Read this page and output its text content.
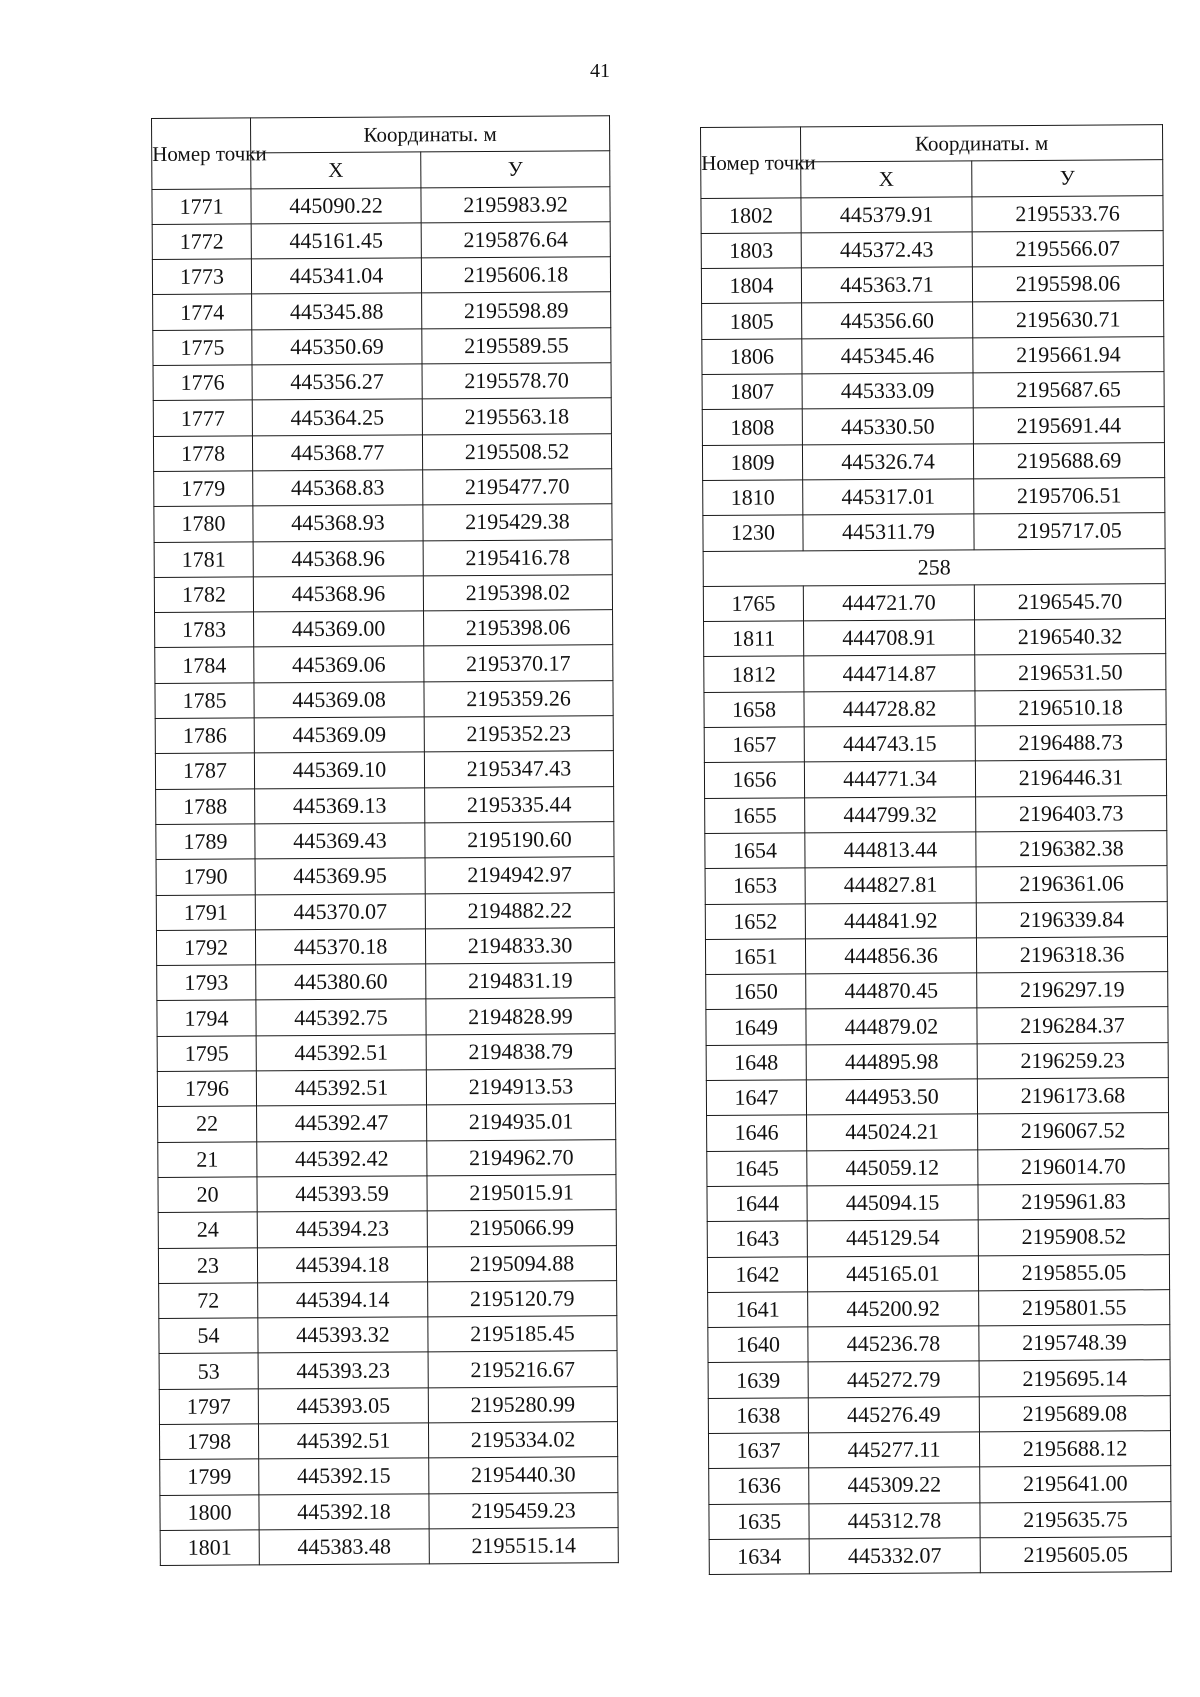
41
Номер точки	Координаты. м	
	X	У
1771	445090.22	2195983.92
1772	445161.45	2195876.64
1773	445341.04	2195606.18
1774	445345.88	2195598.89
1775	445350.69	2195589.55
1776	445356.27	2195578.70
1777	445364.25	2195563.18
1778	445368.77	2195508.52
1779	445368.83	2195477.70
1780	445368.93	2195429.38
1781	445368.96	2195416.78
1782	445368.96	2195398.02
1783	445369.00	2195398.06
1784	445369.06	2195370.17
1785	445369.08	2195359.26
1786	445369.09	2195352.23
1787	445369.10	2195347.43
1788	445369.13	2195335.44
1789	445369.43	2195190.60
1790	445369.95	2194942.97
1791	445370.07	2194882.22
1792	445370.18	2194833.30
1793	445380.60	2194831.19
1794	445392.75	2194828.99
1795	445392.51	2194838.79
1796	445392.51	2194913.53
22	445392.47	2194935.01
21	445392.42	2194962.70
20	445393.59	2195015.91
24	445394.23	2195066.99
23	445394.18	2195094.88
72	445394.14	2195120.79
54	445393.32	2195185.45
53	445393.23	2195216.67
1797	445393.05	2195280.99
1798	445392.51	2195334.02
1799	445392.15	2195440.30
1800	445392.18	2195459.23
1801	445383.48	2195515.14
Номер точки	Координаты. м	
	X	У
1802	445379.91	2195533.76
1803	445372.43	2195566.07
1804	445363.71	2195598.06
1805	445356.60	2195630.71
1806	445345.46	2195661.94
1807	445333.09	2195687.65
1808	445330.50	2195691.44
1809	445326.74	2195688.69
1810	445317.01	2195706.51
1230	445311.79	2195717.05
258		
1765	444721.70	2196545.70
1811	444708.91	2196540.32
1812	444714.87	2196531.50
1658	444728.82	2196510.18
1657	444743.15	2196488.73
1656	444771.34	2196446.31
1655	444799.32	2196403.73
1654	444813.44	2196382.38
1653	444827.81	2196361.06
1652	444841.92	2196339.84
1651	444856.36	2196318.36
1650	444870.45	2196297.19
1649	444879.02	2196284.37
1648	444895.98	2196259.23
1647	444953.50	2196173.68
1646	445024.21	2196067.52
1645	445059.12	2196014.70
1644	445094.15	2195961.83
1643	445129.54	2195908.52
1642	445165.01	2195855.05
1641	445200.92	2195801.55
1640	445236.78	2195748.39
1639	445272.79	2195695.14
1638	445276.49	2195689.08
1637	445277.11	2195688.12
1636	445309.22	2195641.00
1635	445312.78	2195635.75
1634	445332.07	2195605.05
